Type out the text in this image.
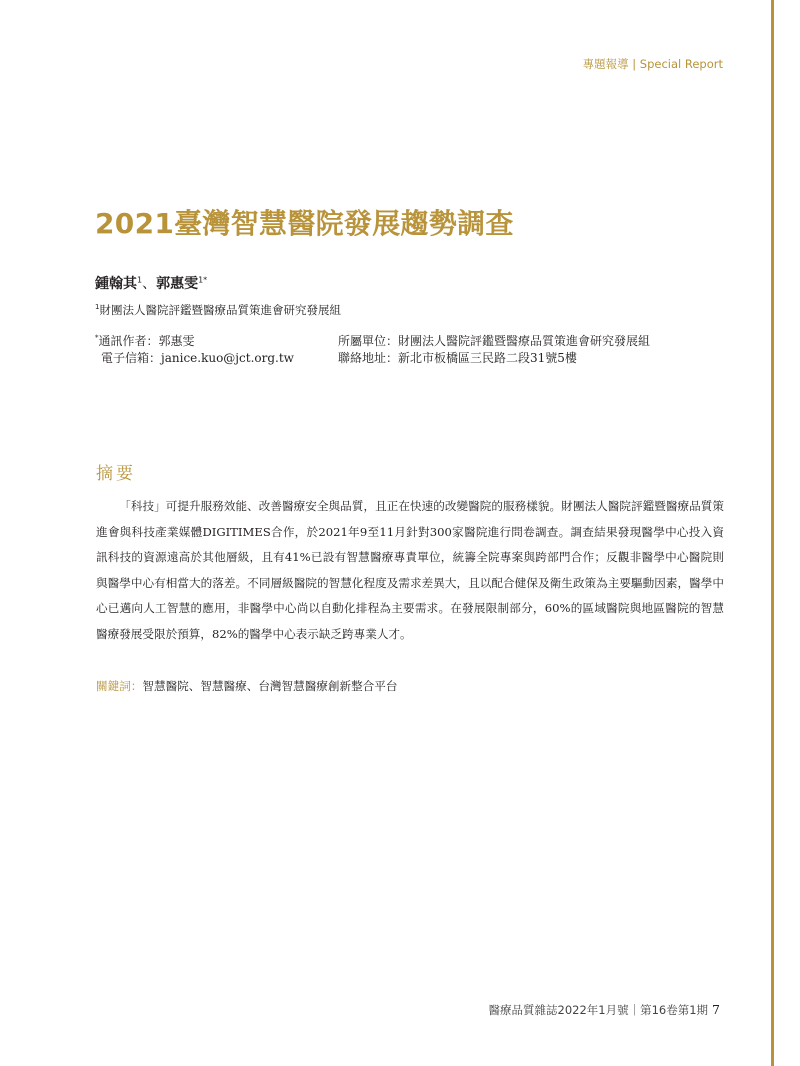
專題報導 | Special Report
2021臺灣智慧醫院發展趨勢調查
鍾翰其$^1$、郭惠雯$^{1*}$
$^1$財團法人醫院評鑑暨醫療品質策進會研究發展組
*通訊作者：郭惠雯
電子信箱：janice.kuo@jct.org.tw
所屬單位：財團法人醫院評鑑暨醫療品質策進會研究發展組
聯絡地址：新北市板橋區三民路二段31號5樓
摘要

「科技」可提升服務效能、改善醫療安全與品質，且正在快速的改變醫院的服務樣貌。財團法人醫院評鑑暨醫療品質策進會與科技產業媒體DIGITIMES合作，於2021年9至11月針對300家醫院進行問卷調查。調查結果發現醫學中心投入資訊科技的資源遠高於其他層級，且有41%已設有智慧醫療專責單位，統籌全院專案與跨部門合作；反觀非醫學中心醫院則與醫學中心有相當大的落差。不同層級醫院的智慧化程度及需求差異大，且以配合健保及衛生政策為主要驅動因素，醫學中心已邁向人工智慧的應用，非醫學中心尚以自動化排程為主要需求。在發展限制部分，60%的區域醫院與地區醫院的智慧醫療發展受限於預算，82%的醫學中心表示缺乏跨專業人才。

關鍵詞：智慧醫院、智慧醫療、台灣智慧醫療創新整合平台
醫療品質雜誌2022年1月號｜第16卷第1期 7
